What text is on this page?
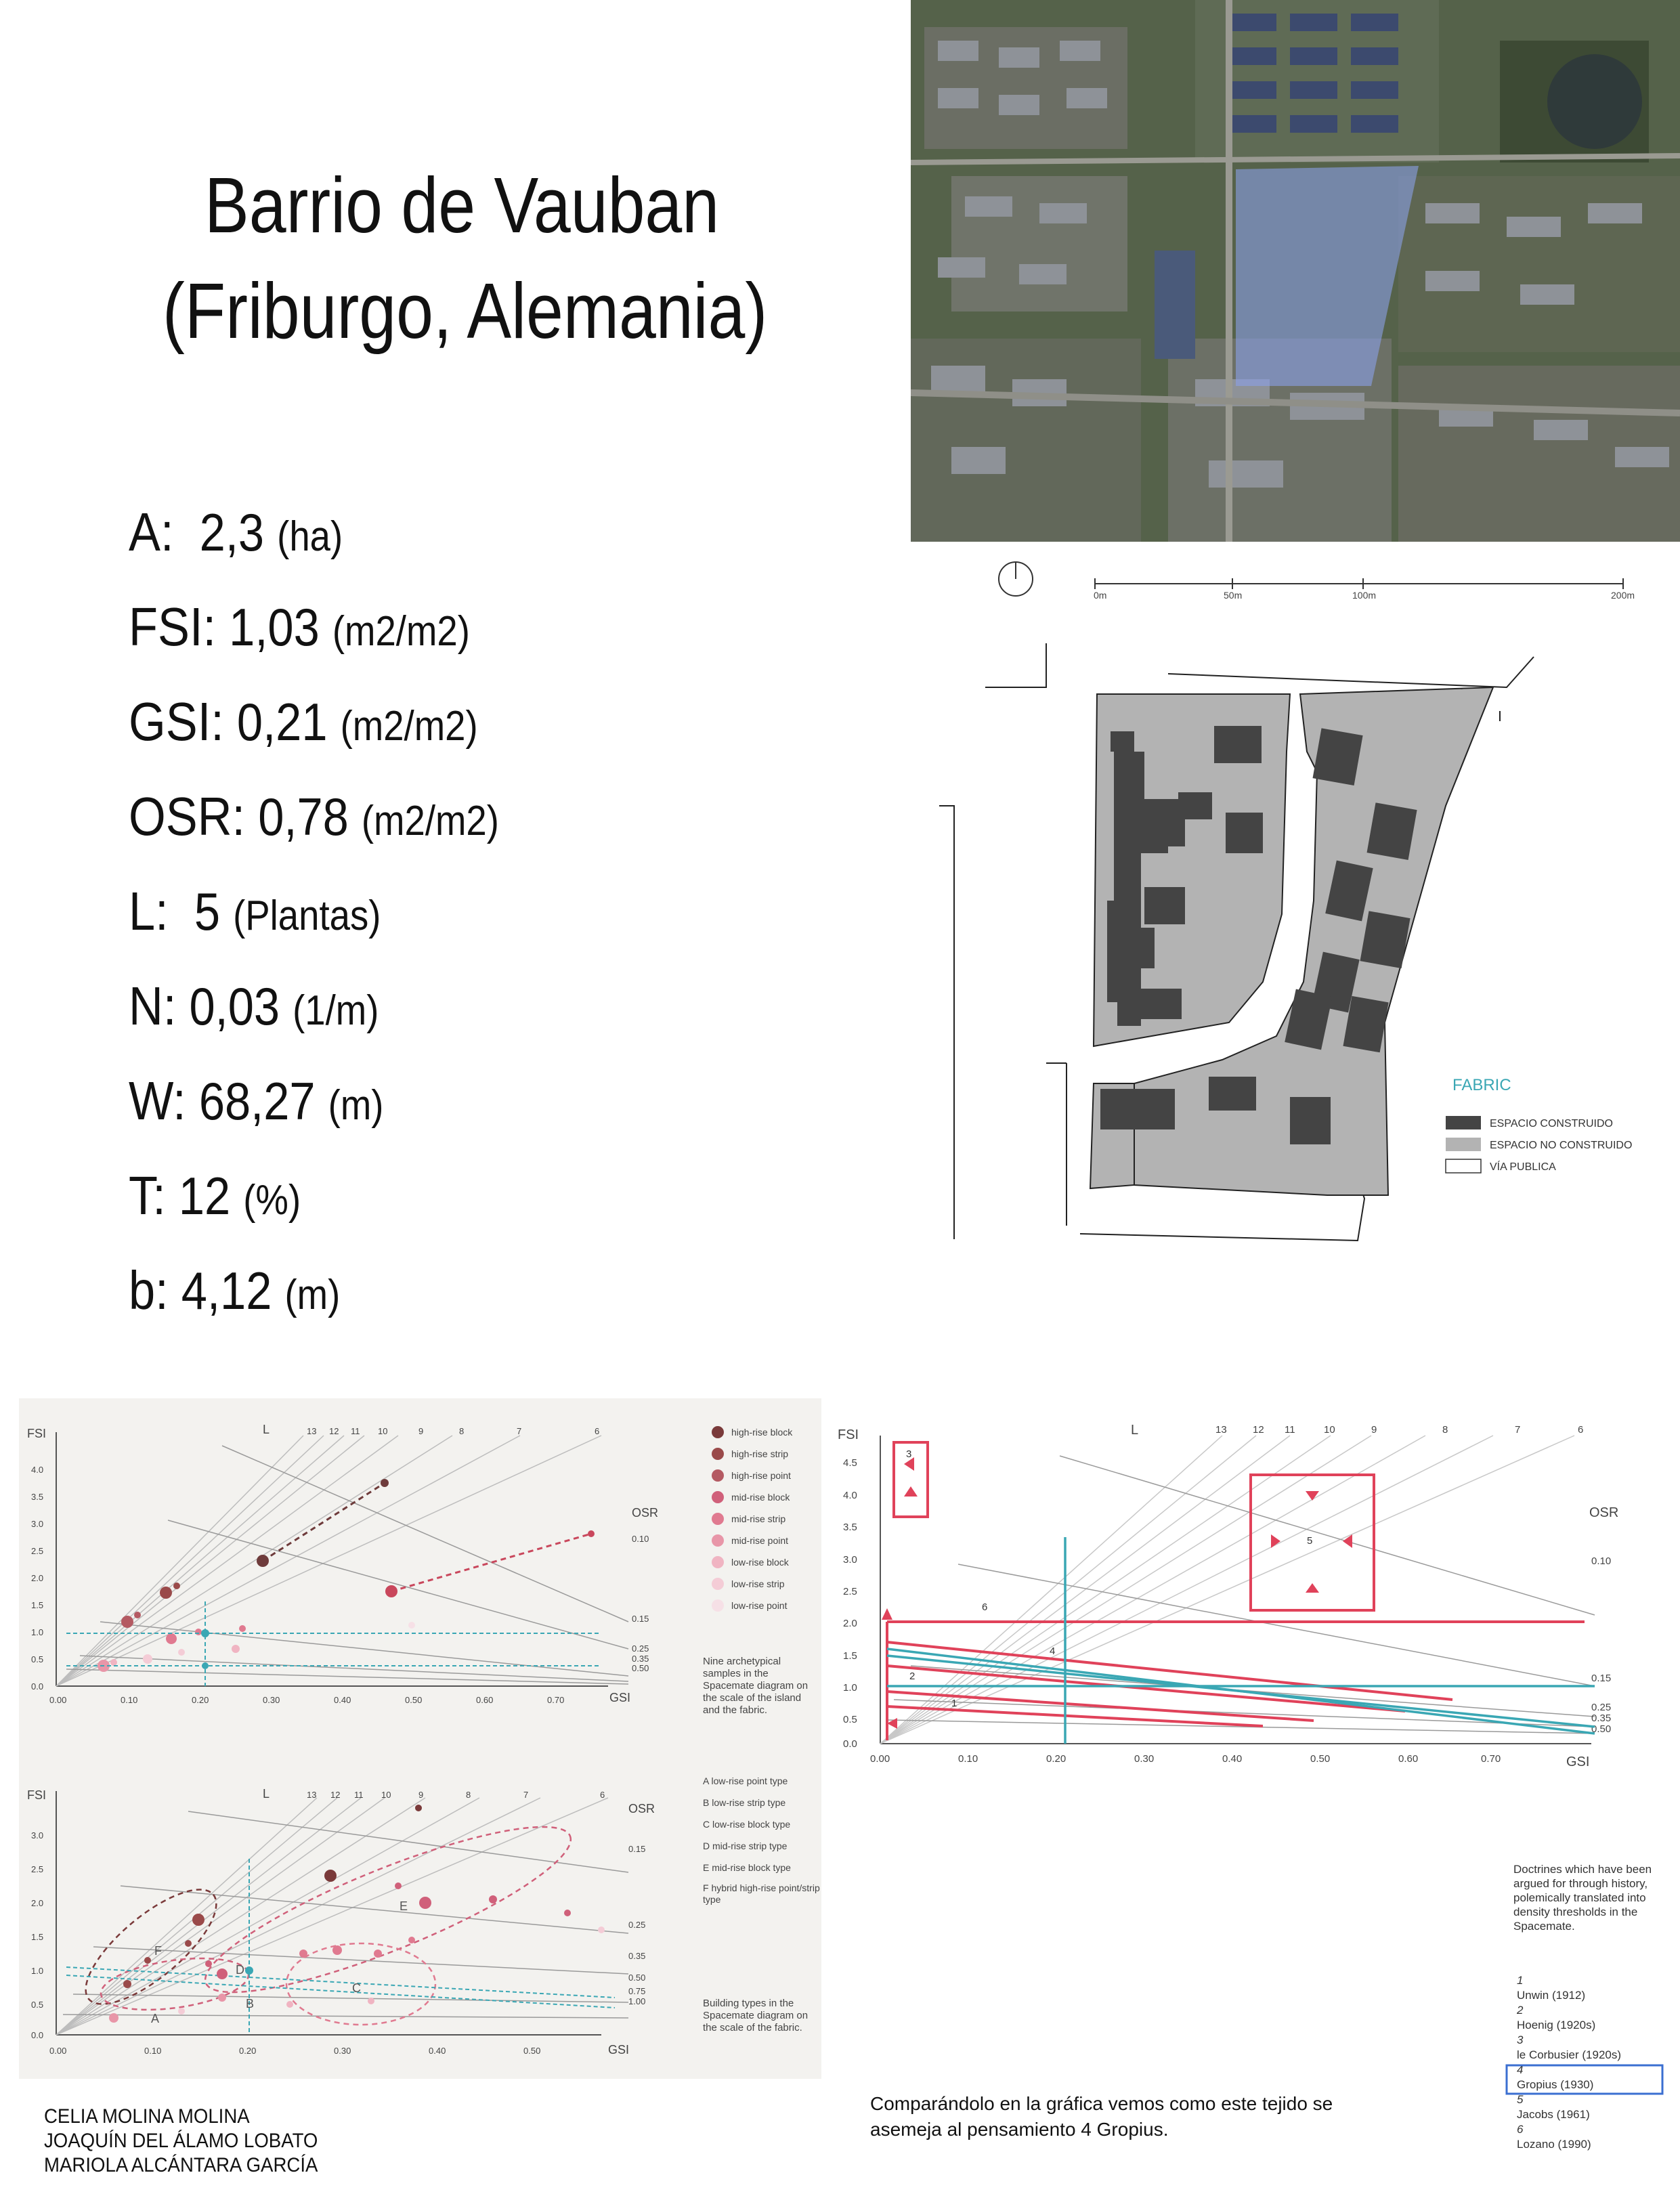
Barrio de Vauban
(Friburgo, Alemania)
A: 2,3 (ha)
FSI: 1,03 (m2/m2)
GSI: 0,21 (m2/m2)
OSR: 0,78 (m2/m2)
L: 5 (Plantas)
N: 0,03 (1/m)
W: 68,27 (m)
T: 12 (%)
b: 4,12 (m)
0m	50m	100m	200m
FABRIC
ESPACIO CONSTRUIDO
ESPACIO NO CONSTRUIDO
VÍA PUBLICA
FSI
GSI
L
OSR
4.0
3.5
3.0
2.5
2.0
1.5
1.0
0.5
0.0
0.00	0.10	0.20	0.30	0.40	0.50	0.60	0.70
13 12 11 10	9	8	7	6
0.10
0.15
0.25
0.35
0.50
high-rise block
high-rise strip
high-rise point
mid-rise block
mid-rise strip
mid-rise point
low-rise block
low-rise strip
low-rise point
Nine archetypical samples in the Spacemate diagram on the scale of the island and the fabric.
FSI
GSI
L
OSR
3.0
2.5
2.0
1.5
1.0
0.5
0.0
0.00	0.10	0.20	0.30	0.40	0.50
13 12 11 10	9	8	7	6
0.15
0.25
0.35
0.50
0.75
1.00
A
B
C
D
E
F
A low-rise point type
B low-rise strip type
C low-rise block type
D mid-rise strip type
E mid-rise block type
F hybrid high-rise point/strip type
Building types in the Spacemate diagram on the scale of the fabric.
FSI
GSI
L
OSR
4.5
4.0
3.5
3.0
2.5
2.0
1.5
1.0
0.5
0.0
0.00	0.10	0.20	0.30	0.40	0.50	0.60	0.70
13	12 11	10	9	8	7	6
0.10
0.15
0.25
0.35
0.50
1
2
3
4
5
6
Doctrines which have been argued for through history, polemically translated into density thresholds in the Spacemate.
1
Unwin (1912)
2
Hoenig (1920s)
3
le Corbusier (1920s)
4
Gropius (1930)
5
Jacobs (1961)
6
Lozano (1990)
Comparándolo en la gráfica vemos como este tejido se asemeja al pensamiento 4 Gropius.
CELIA MOLINA MOLINA
JOAQUÍN DEL ÁLAMO LOBATO
MARIOLA ALCÁNTARA GARCÍA
